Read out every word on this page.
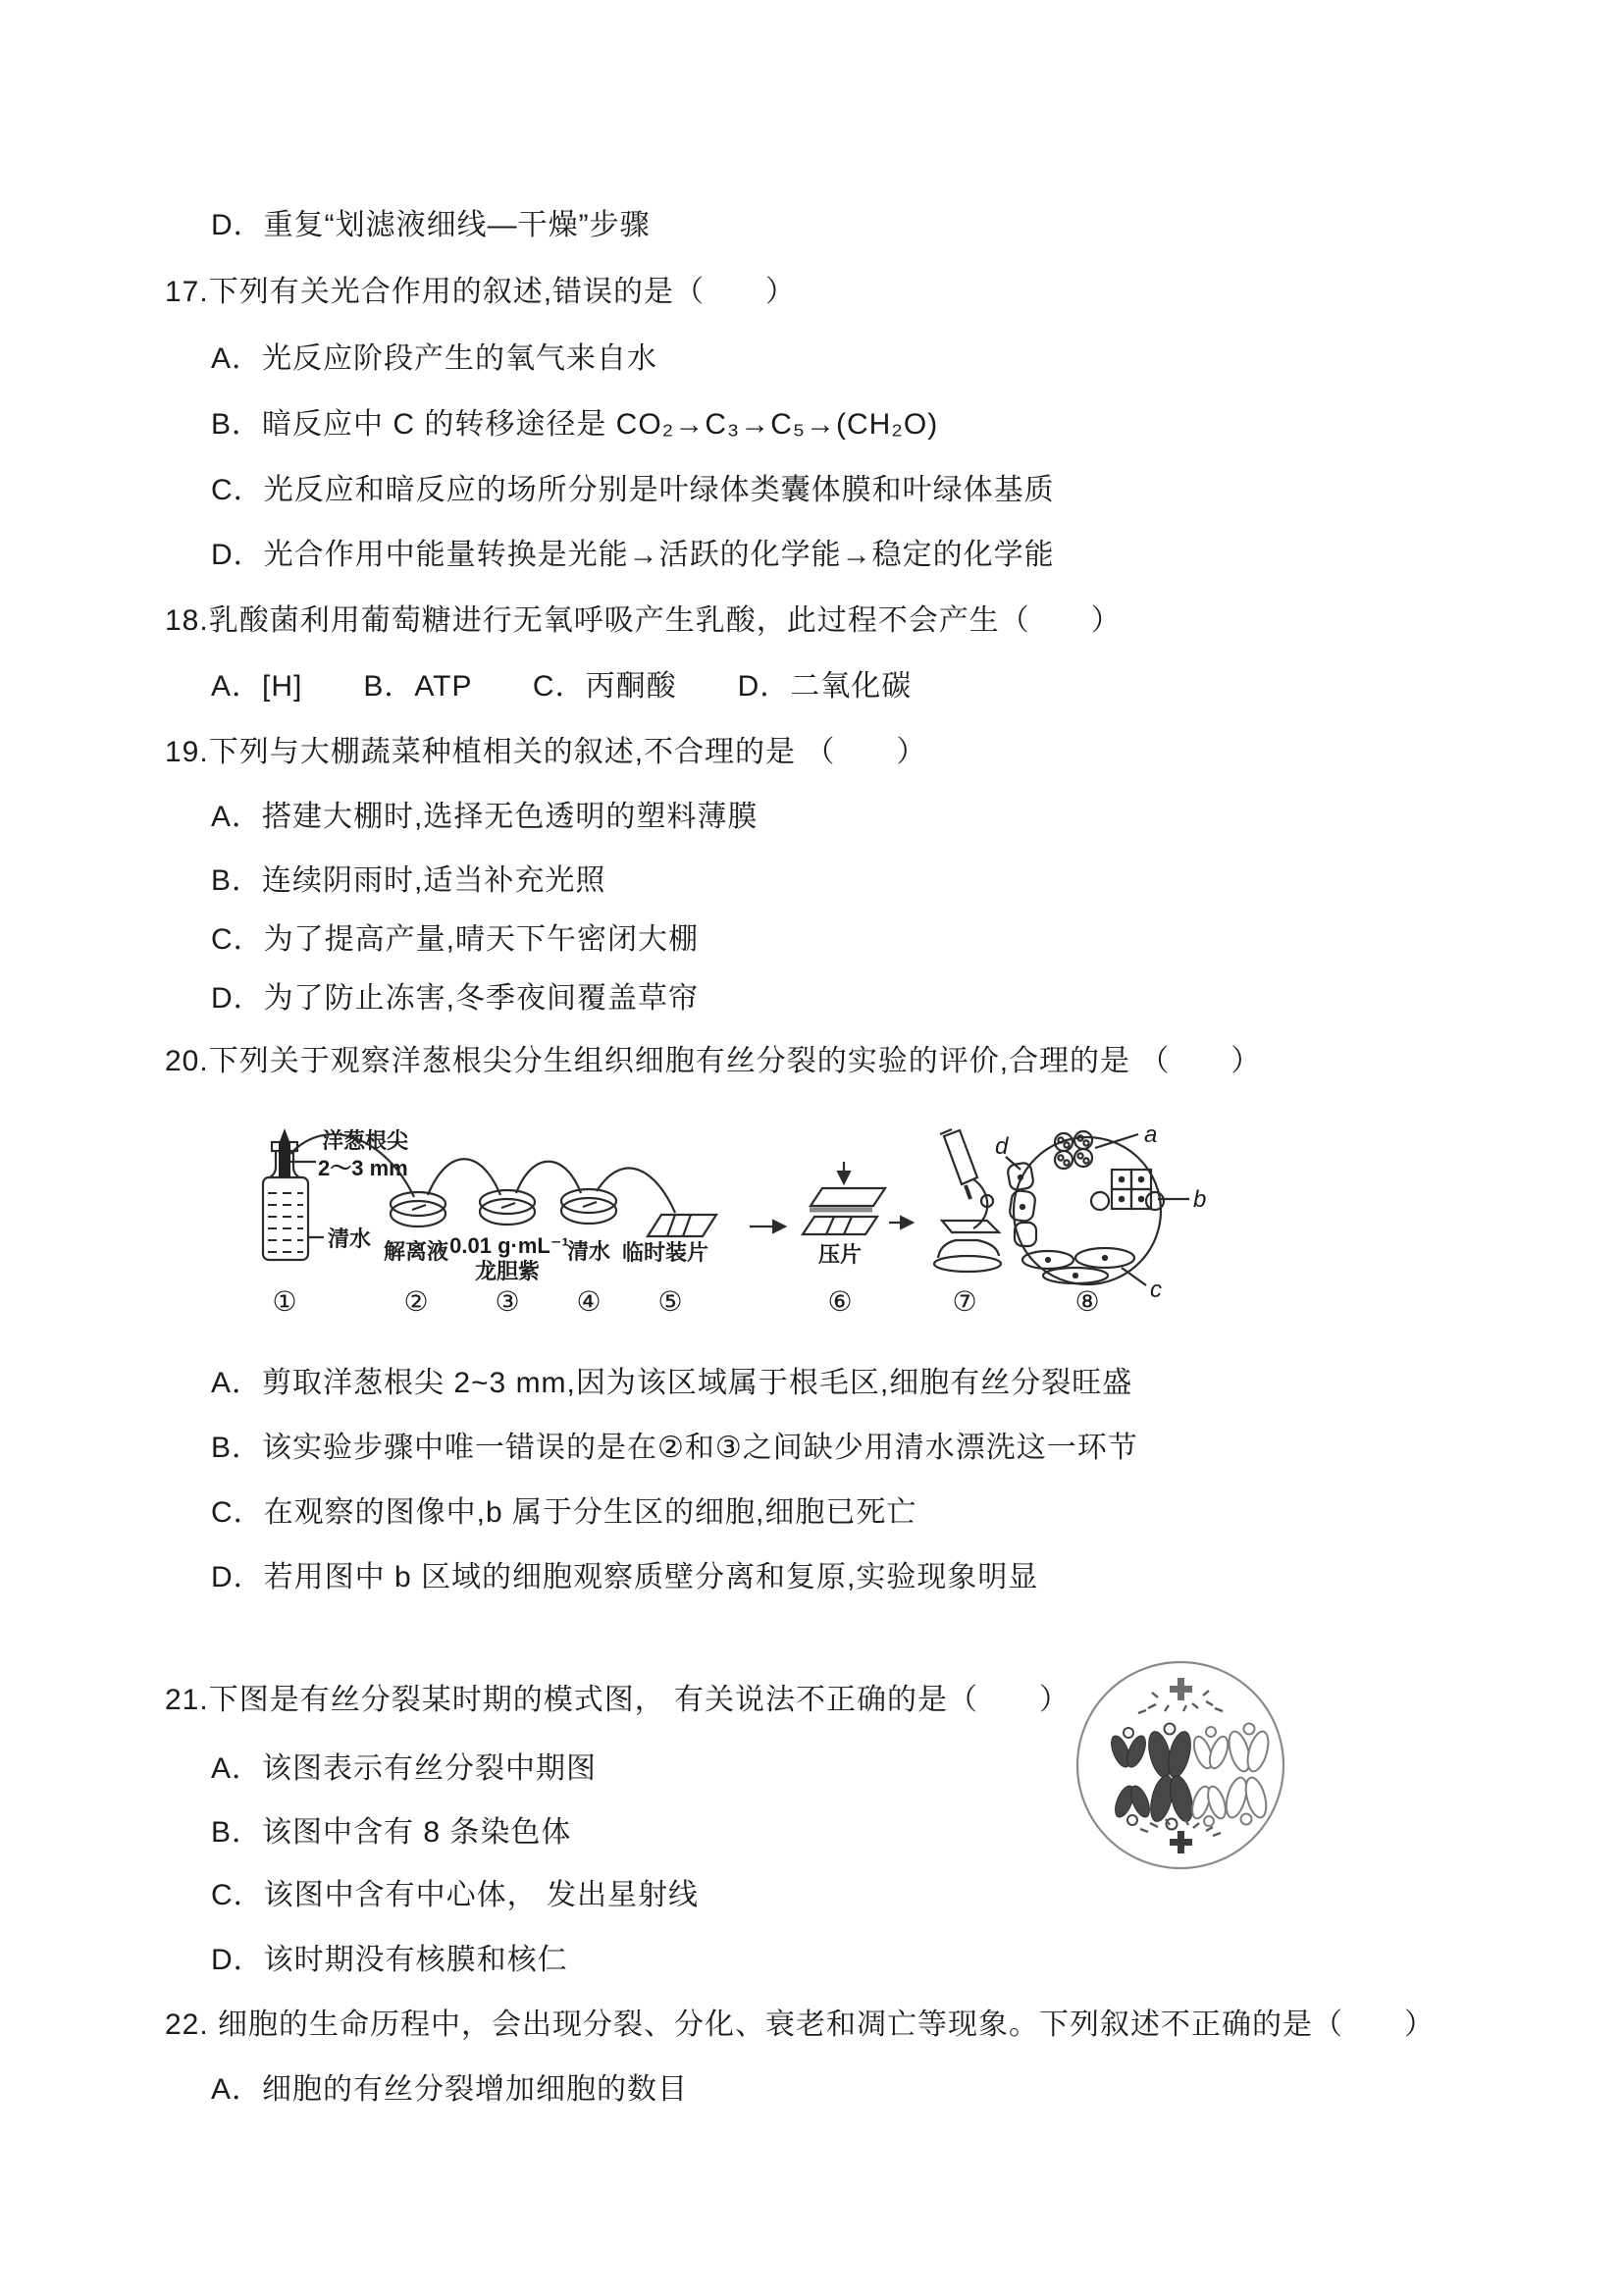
D．重复“划滤液细线—干燥”步骤
17.下列有关光合作用的叙述,错误的是（　　）
A．光反应阶段产生的氧气来自水
B．暗反应中 C 的转移途径是 CO₂→C₃→C₅→(CH₂O)
C．光反应和暗反应的场所分别是叶绿体类囊体膜和叶绿体基质
D．光合作用中能量转换是光能→活跃的化学能→稳定的化学能
18.乳酸菌利用葡萄糖进行无氧呼吸产生乳酸，此过程不会产生（　　）
A．[H]　　B．ATP　　C．丙酮酸　　D．二氧化碳
19.下列与大棚蔬菜种植相关的叙述,不合理的是 （　　）
A．搭建大棚时,选择无色透明的塑料薄膜
B．连续阴雨时,适当补充光照
C．为了提高产量,晴天下午密闭大棚
D．为了防止冻害,冬季夜间覆盖草帘
20.下列关于观察洋葱根尖分生组织细胞有丝分裂的实验的评价,合理的是 （　　）
洋葱根尖
2～3 mm
清水
解离液 0.01 g·mL⁻¹
龙胆紫
清水 临时装片	压片
a
b
c
d
①	② ③ ④ ⑤	⑥	⑦	⑧
A．剪取洋葱根尖 2~3 mm,因为该区域属于根毛区,细胞有丝分裂旺盛
B．该实验步骤中唯一错误的是在②和③之间缺少用清水漂洗这一环节
C．在观察的图像中,b 属于分生区的细胞,细胞已死亡
D．若用图中 b 区域的细胞观察质壁分离和复原,实验现象明显
21.下图是有丝分裂某时期的模式图， 有关说法不正确的是（　　）
A．该图表示有丝分裂中期图
B．该图中含有 8 条染色体
C．该图中含有中心体， 发出星射线
D．该时期没有核膜和核仁
22. 细胞的生命历程中，会出现分裂、分化、衰老和凋亡等现象。下列叙述不正确的是（　　）
A．细胞的有丝分裂增加细胞的数目
